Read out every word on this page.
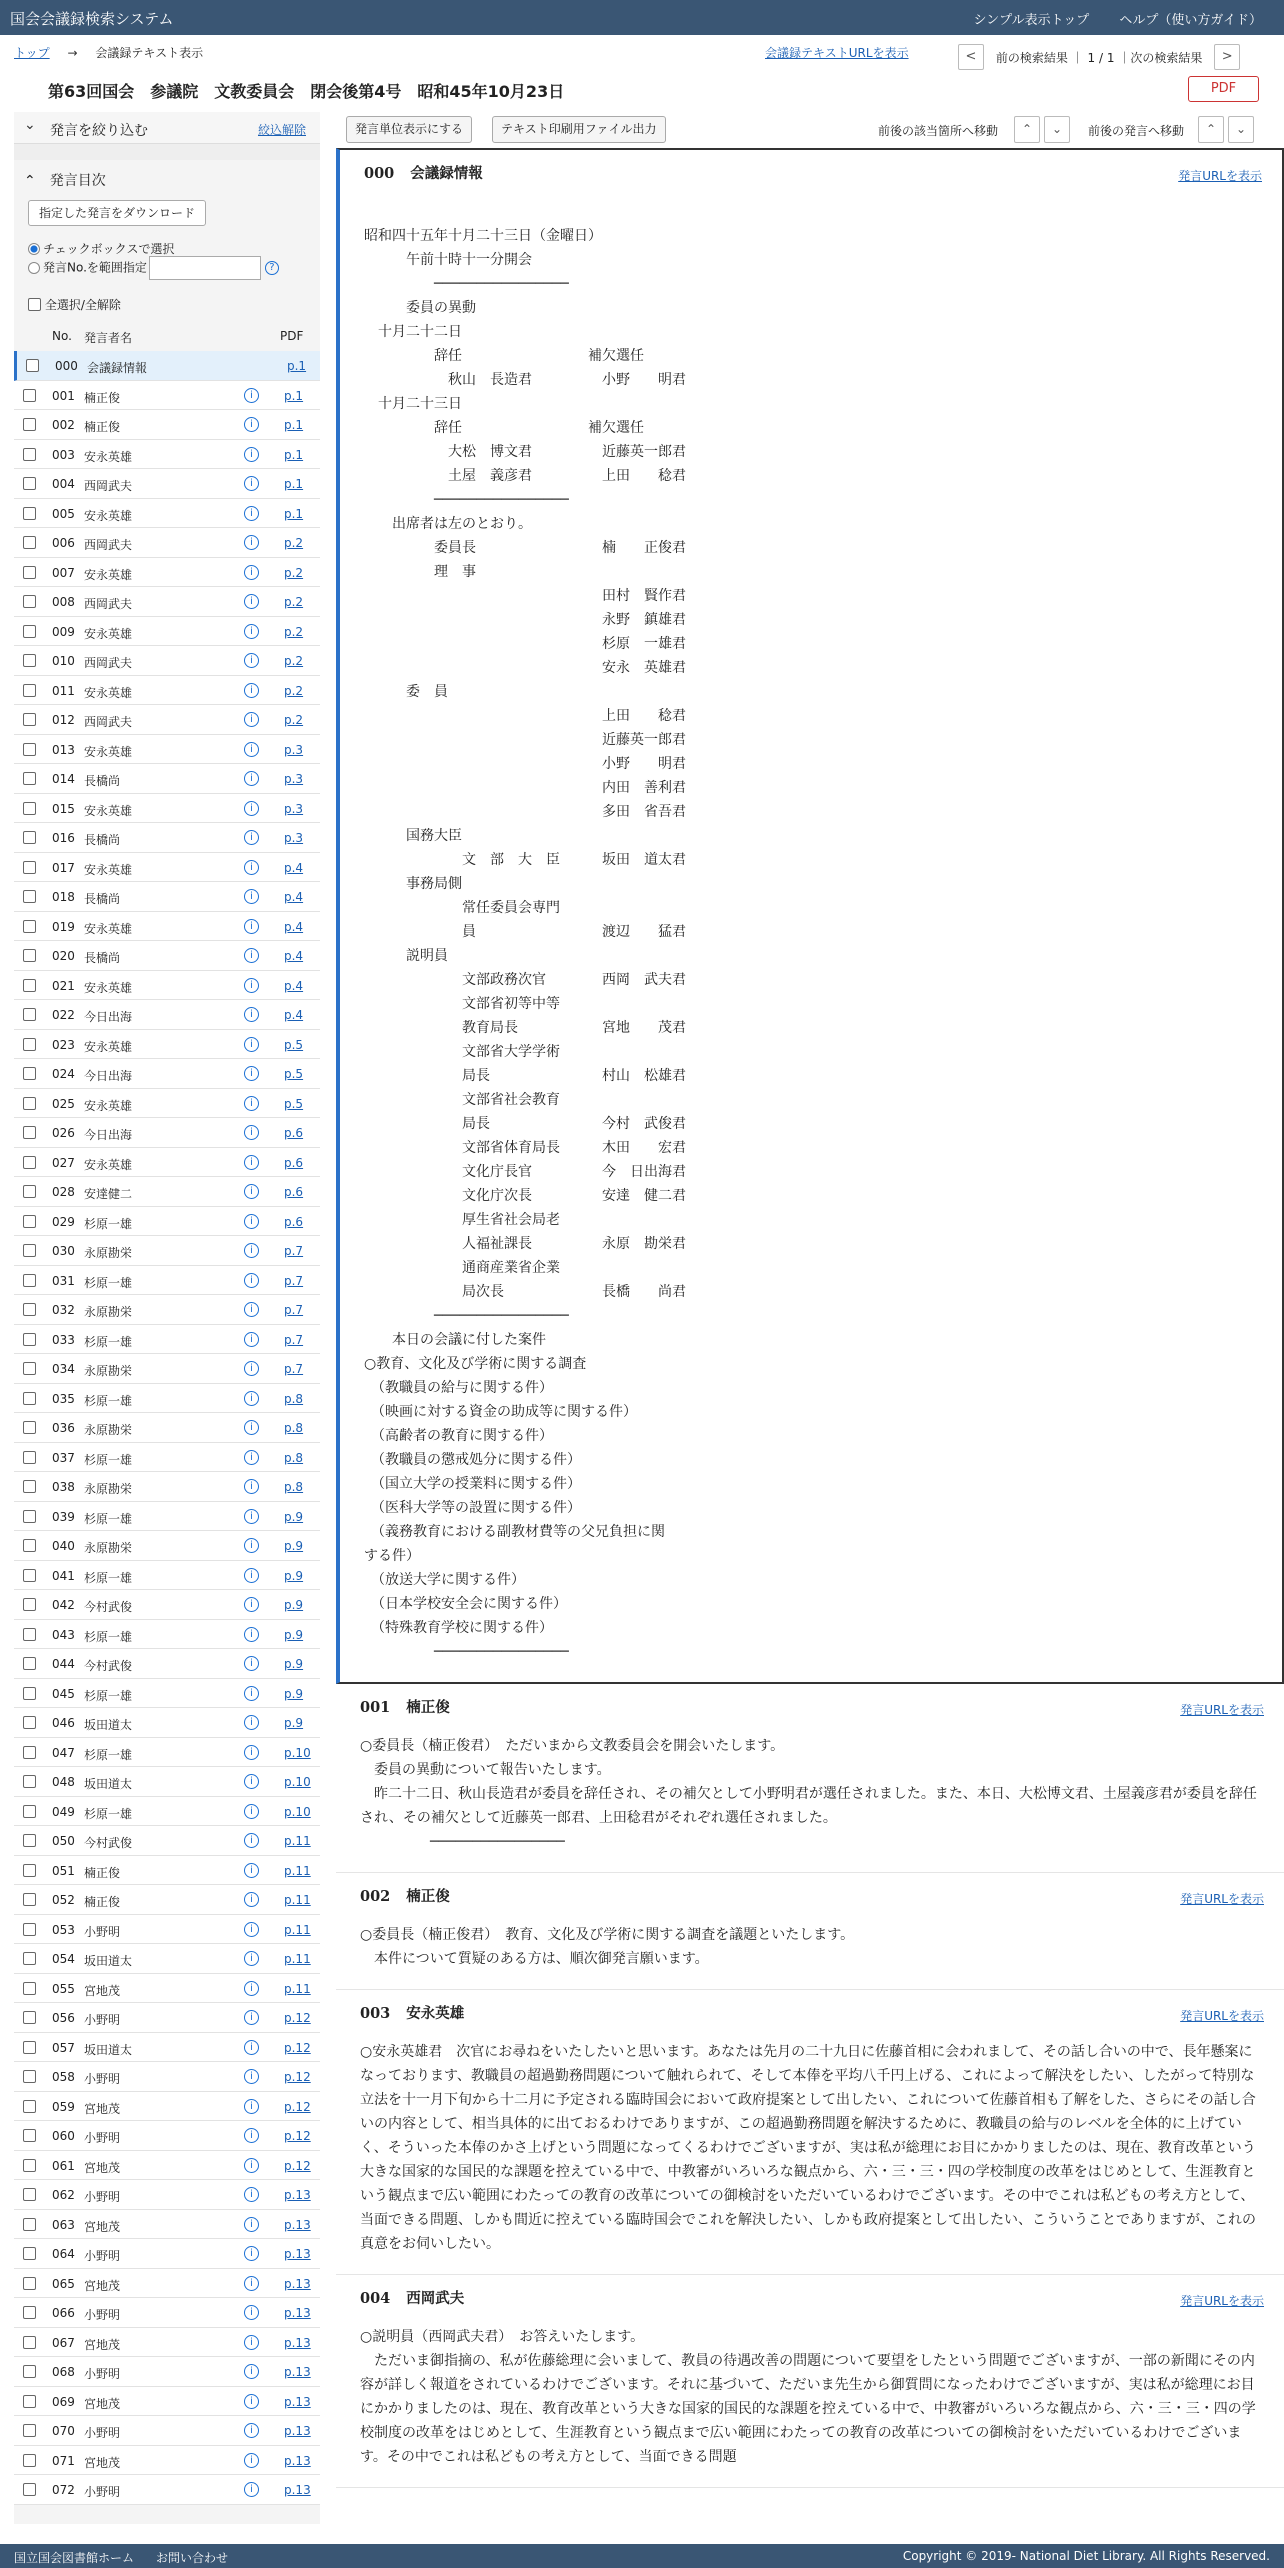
国会会議録検索システム	シンプル表示トップ ヘルプ（使い方ガイド）
トップ → 会議録テキスト表示	会議録テキストURLを表示	< 前の検索結果 ｜ 1 / 1 ｜次の検索結果 >
第63回国会　参議院　文教委員会　閉会後第4号　昭和45年10月23日	PDF
⌄ 発言を絞り込む	絞込解除
⌃ 発言目次
指定した発言をダウンロード
チェックボックスで選択
発言No.を範囲指定	?
全選択/全解除
No. 発言者名	PDF
000 会議録情報	p.1
001 楠正俊	i	p.1
002 楠正俊	i	p.1
003 安永英雄	i	p.1
004 西岡武夫	i	p.1
005 安永英雄	i	p.1
006 西岡武夫	i	p.2
007 安永英雄	i	p.2
008 西岡武夫	i	p.2
009 安永英雄	i	p.2
010 西岡武夫	i	p.2
011 安永英雄	i	p.2
012 西岡武夫	i	p.2
013 安永英雄	i	p.3
014 長橋尚	i	p.3
015 安永英雄	i	p.3
016 長橋尚	i	p.3
017 安永英雄	i	p.4
018 長橋尚	i	p.4
019 安永英雄	i	p.4
020 長橋尚	i	p.4
021 安永英雄	i	p.4
022 今日出海	i	p.4
023 安永英雄	i	p.5
024 今日出海	i	p.5
025 安永英雄	i	p.5
026 今日出海	i	p.6
027 安永英雄	i	p.6
028 安達健二	i	p.6
029 杉原一雄	i	p.6
030 永原勘栄	i	p.7
031 杉原一雄	i	p.7
032 永原勘栄	i	p.7
033 杉原一雄	i	p.7
034 永原勘栄	i	p.7
035 杉原一雄	i	p.8
036 永原勘栄	i	p.8
037 杉原一雄	i	p.8
038 永原勘栄	i	p.8
039 杉原一雄	i	p.9
040 永原勘栄	i	p.9
041 杉原一雄	i	p.9
042 今村武俊	i	p.9
043 杉原一雄	i	p.9
044 今村武俊	i	p.9
045 杉原一雄	i	p.9
046 坂田道太	i	p.9
047 杉原一雄	i	p.10
048 坂田道太	i	p.10
049 杉原一雄	i	p.10
050 今村武俊	i	p.11
051 楠正俊	i	p.11
052 楠正俊	i	p.11
053 小野明	i	p.11
054 坂田道太	i	p.11
055 宮地茂	i	p.11
056 小野明	i	p.12
057 坂田道太	i	p.12
058 小野明	i	p.12
059 宮地茂	i	p.12
060 小野明	i	p.12
061 宮地茂	i	p.12
062 小野明	i	p.13
063 宮地茂	i	p.13
064 小野明	i	p.13
065 宮地茂	i	p.13
066 小野明	i	p.13
067 宮地茂	i	p.13
068 小野明	i	p.13
069 宮地茂	i	p.13
070 小野明	i	p.13
071 宮地茂	i	p.13
072 小野明	i	p.13
発言単位表示にする	テキスト印刷用ファイル出力	前後の該当箇所へ移動	⌃	⌄	前後の発言へ移動	⌃	⌄
000 会議録情報	発言URLを表示

昭和四十五年十月二十三日（金曜日）
　　　午前十時十一分開会
　　　　　────────────────
　　　委員の異動
　十月二十二日
　　　　　辞任　　　　　　　　　補欠選任
　　　　　　秋山　長造君　　　　　小野　　明君
　十月二十三日
　　　　　辞任　　　　　　　　　補欠選任
　　　　　　大松　博文君　　　　　近藤英一郎君
　　　　　　土屋　義彦君　　　　　上田　　稔君
　　　　　────────────────
　　出席者は左のとおり。
　　　　　委員長　　　　　　　　　楠　　正俊君
　　　　　理　事
　　　　　　　　　　　　　　　　　田村　賢作君
　　　　　　　　　　　　　　　　　永野　鎮雄君
　　　　　　　　　　　　　　　　　杉原　一雄君
　　　　　　　　　　　　　　　　　安永　英雄君
　　　委　員
　　　　　　　　　　　　　　　　　上田　　稔君
　　　　　　　　　　　　　　　　　近藤英一郎君
　　　　　　　　　　　　　　　　　小野　　明君
　　　　　　　　　　　　　　　　　内田　善利君
　　　　　　　　　　　　　　　　　多田　省吾君
　　　国務大臣
　　　　　　　文　部　大　臣　　　坂田　道太君
　　　事務局側
　　　　　　　常任委員会専門
　　　　　　　員　　　　　　　　　渡辺　　猛君
　　　説明員
　　　　　　　文部政務次官　　　　西岡　武夫君
　　　　　　　文部省初等中等
　　　　　　　教育局長　　　　　　宮地　　茂君
　　　　　　　文部省大学学術
　　　　　　　局長　　　　　　　　村山　松雄君
　　　　　　　文部省社会教育
　　　　　　　局長　　　　　　　　今村　武俊君
　　　　　　　文部省体育局長　　　木田　　宏君
　　　　　　　文化庁長官　　　　　今　日出海君
　　　　　　　文化庁次長　　　　　安達　健二君
　　　　　　　厚生省社会局老
　　　　　　　人福祉課長　　　　　永原　勘栄君
　　　　　　　通商産業省企業
　　　　　　　局次長　　　　　　　長橋　　尚君
　　　　　────────────────
　　本日の会議に付した案件
○教育、文化及び学術に関する調査
　（教職員の給与に関する件）
　（映画に対する資金の助成等に関する件）
　（高齢者の教育に関する件）
　（教職員の懲戒処分に関する件）
　（国立大学の授業料に関する件）
　（医科大学等の設置に関する件）
　（義務教育における副教材費等の父兄負担に関
する件）
　（放送大学に関する件）
　（日本学校安全会に関する件）
　（特殊教育学校に関する件）
　　　　　────────────────
001 楠正俊	発言URLを表示
○委員長（楠正俊君）　ただいまから文教委員会を開会いたします。
　委員の異動について報告いたします。
　昨二十二日、秋山長造君が委員を辞任され、その補欠として小野明君が選任されました。また、本日、大松博文君、土屋義彦君が委員を辞任され、その補欠として近藤英一郎君、上田稔君がそれぞれ選任されました。
　　　　　────────────────
002 楠正俊	発言URLを表示
○委員長（楠正俊君）　教育、文化及び学術に関する調査を議題といたします。
　本件について質疑のある方は、順次御発言願います。
003 安永英雄	発言URLを表示
○安永英雄君　次官にお尋ねをいたしたいと思います。あなたは先月の二十九日に佐藤首相に会われまして、その話し合いの中で、長年懸案になっております、教職員の超過勤務問題について触れられて、そして本俸を平均八千円上げる、これによって解決をしたい、したがって特別な立法を十一月下旬から十二月に予定される臨時国会において政府提案として出したい、これについて佐藤首相も了解をした、さらにその話し合いの内容として、相当具体的に出ておるわけでありますが、この超過勤務問題を解決するために、教職員の給与のレベルを全体的に上げていく、そういった本俸のかさ上げという問題になってくるわけでございますが、実は私が総理にお目にかかりましたのは、現在、教育改革という大きな国家的な国民的な課題を控えている中で、中教審がいろいろな観点から、六・三・三・四の学校制度の改革をはじめとして、生涯教育という観点まで広い範囲にわたっての教育の改革についての御検討をいただいているわけでございます。その中でこれは私どもの考え方として、当面できる問題、しかも間近に控えている臨時国会でこれを解決したい、しかも政府提案として出したい、こういうことでありますが、これの真意をお伺いしたい。
004 西岡武夫	発言URLを表示
○説明員（西岡武夫君）　お答えいたします。
　ただいま御指摘の、私が佐藤総理に会いまして、教員の待遇改善の問題について要望をしたという問題でございますが、一部の新聞にその内容が詳しく報道をされているわけでございます。それに基づいて、ただいま先生から御質問になったわけでございますが、実は私が総理にお目にかかりましたのは、現在、教育改革という大きな国家的国民的な課題を控えている中で、中教審がいろいろな観点から、六・三・三・四の学校制度の改革をはじめとして、生涯教育という観点まで広い範囲にわたっての教育の改革についての御検討をいただいているわけでございます。その中でこれは私どもの考え方として、当面できる問題
国立国会図書館ホーム お問い合わせ	Copyright © 2019- National Diet Library. All Rights Reserved.
